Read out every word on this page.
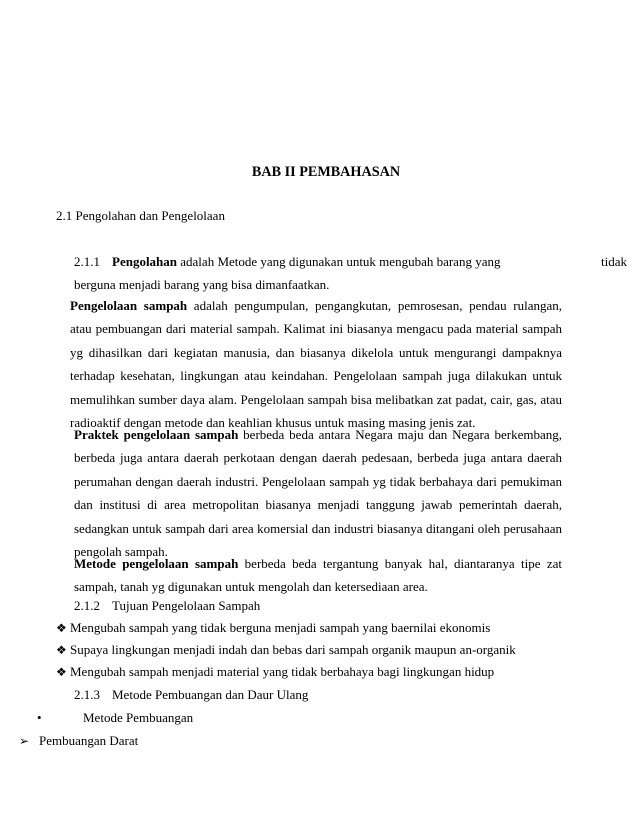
BAB II PEMBAHASAN
2.1 Pengolahan dan Pengelolaan
2.1.1 Pengolahan adalah Metode yang digunakan untuk mengubah barang yang	tidak
berguna menjadi barang yang bisa dimanfaatkan.
Pengelolaan sampah adalah pengumpulan, pengangkutan, pemrosesan, pendau rulangan, atau pembuangan dari material sampah. Kalimat ini biasanya mengacu pada material sampah yg dihasilkan dari kegiatan manusia, dan biasanya dikelola untuk mengurangi dampaknya terhadap kesehatan, lingkungan atau keindahan. Pengelolaan sampah juga dilakukan untuk memulihkan sumber daya alam. Pengelolaan sampah bisa melibatkan zat padat, cair, gas, atau radioaktif dengan metode dan keahlian khusus untuk masing masing jenis zat.
Praktek pengelolaan sampah berbeda beda antara Negara maju dan Negara berkembang, berbeda juga antara daerah perkotaan dengan daerah pedesaan, berbeda juga antara daerah perumahan dengan daerah industri. Pengelolaan sampah yg tidak berbahaya dari pemukiman dan institusi di area metropolitan biasanya menjadi tanggung jawab pemerintah daerah, sedangkan untuk sampah dari area komersial dan industri biasanya ditangani oleh perusahaan pengolah sampah.
Metode pengelolaan sampah berbeda beda tergantung banyak hal, diantaranya tipe zat sampah, tanah yg digunakan untuk mengolah dan ketersediaan area.
2.1.2 Tujuan Pengelolaan Sampah
❖ Mengubah sampah yang tidak berguna menjadi sampah yang baernilai ekonomis
❖ Supaya lingkungan menjadi indah dan bebas dari sampah organik maupun an-organik
❖ Mengubah sampah menjadi material yang tidak berbahaya bagi lingkungan hidup
2.1.3 Metode Pembuangan dan Daur Ulang
•	Metode Pembuangan
➢ Pembuangan Darat
